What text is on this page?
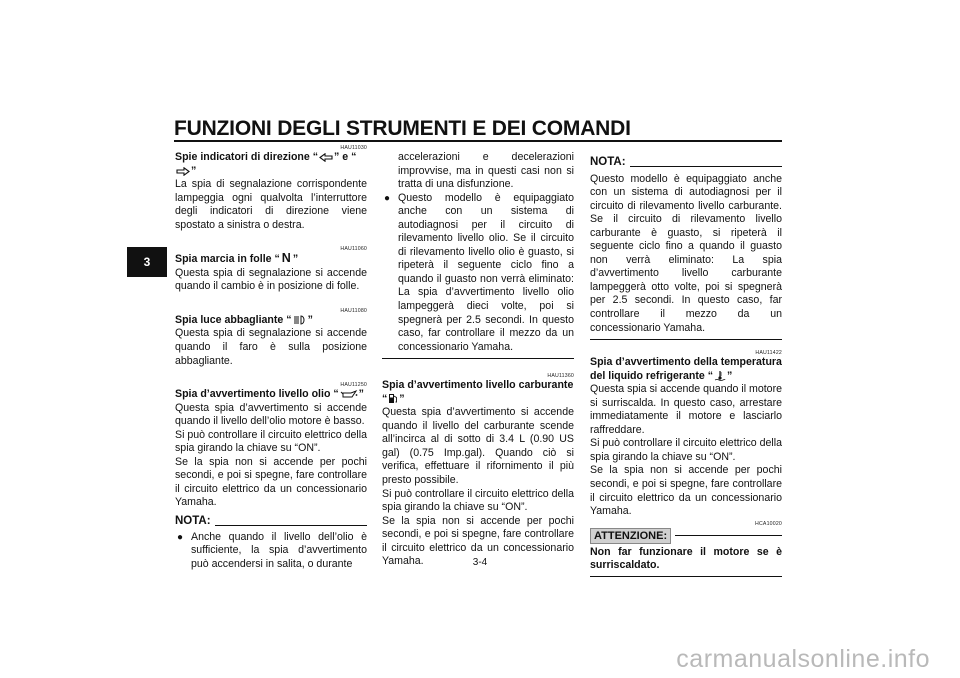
FUNZIONI DEGLI STRUMENTI E DEI COMANDI
3
HAU11030
Spie indicatori di direzione “ ” e “”

La spia di segnalazione corrispondente lampeggia ogni qualvolta l’interruttore degli indicatori di direzione viene spostato a sinistra o destra.

HAU11060
Spia marcia in folle “ N ”

Questa spia di segnalazione si accende quando il cambio è in posizione di folle.

HAU11080
Spia luce abbagliante “ ”

Questa spia di segnalazione si accende quando il faro è sulla posizione abbagliante.

HAU11250
Spia d’avvertimento livello olio “ ”

Questa spia d’avvertimento si accende quando il livello dell’olio motore è basso.

Si può controllare il circuito elettrico della spia girando la chiave su “ON”.

Se la spia non si accende per pochi secondi, e poi si spegne, fare controllare il circuito elettrico da un concessionario Yamaha.

NOTA:
● Anche quando il livello dell’olio è sufficiente, la spia d’avvertimento può accendersi in salita, o durante
accelerazioni e decelerazioni improvvise, ma in questi casi non si tratta di una disfunzione.
● Questo modello è equipaggiato anche con un sistema di autodiagnosi per il circuito di rilevamento livello olio. Se il circuito di rilevamento livello olio è guasto, si ripeterà il seguente ciclo fino a quando il guasto non verrà eliminato: La spia d’avvertimento livello olio lampeggerà dieci volte, poi si spegnerà per 2.5 secondi. In questo caso, far controllare il mezzo da un concessionario Yamaha.
HAU11360
Spia d’avvertimento livello carburante “ ”

Questa spia d’avvertimento si accende quando il livello del carburante scende all’incirca al di sotto di 3.4 L (0.90 US gal) (0.75 Imp.gal). Quando ciò si verifica, effettuare il rifornimento il più presto possibile.

Si può controllare il circuito elettrico della spia girando la chiave su “ON”.

Se la spia non si accende per pochi secondi, e poi si spegne, fare controllare il circuito elettrico da un concessionario Yamaha.

NOTA:

Questo modello è equipaggiato anche con un sistema di autodiagnosi per il circuito di rilevamento livello carburante. Se il circuito di rilevamento livello carburante è guasto, si ripeterà il seguente ciclo fino a quando il guasto non verrà eliminato: La spia d’avvertimento livello carburante lampeggerà otto volte, poi si spegnerà per 2.5 secondi. In questo caso, far controllare il mezzo da un concessionario Yamaha.

HAU11422
Spia d’avvertimento della temperatura del liquido refrigerante “ ”

Questa spia si accende quando il motore si surriscalda. In questo caso, arrestare immediatamente il motore e lasciarlo raffreddare.

Si può controllare il circuito elettrico della spia girando la chiave su “ON”.

Se la spia non si accende per pochi secondi, e poi si spegne, fare controllare il circuito elettrico da un concessionario Yamaha.

HCA10020
ATTENZIONE:

Non far funzionare il motore se è surriscaldato.

3-4
carmanualsonline.info
